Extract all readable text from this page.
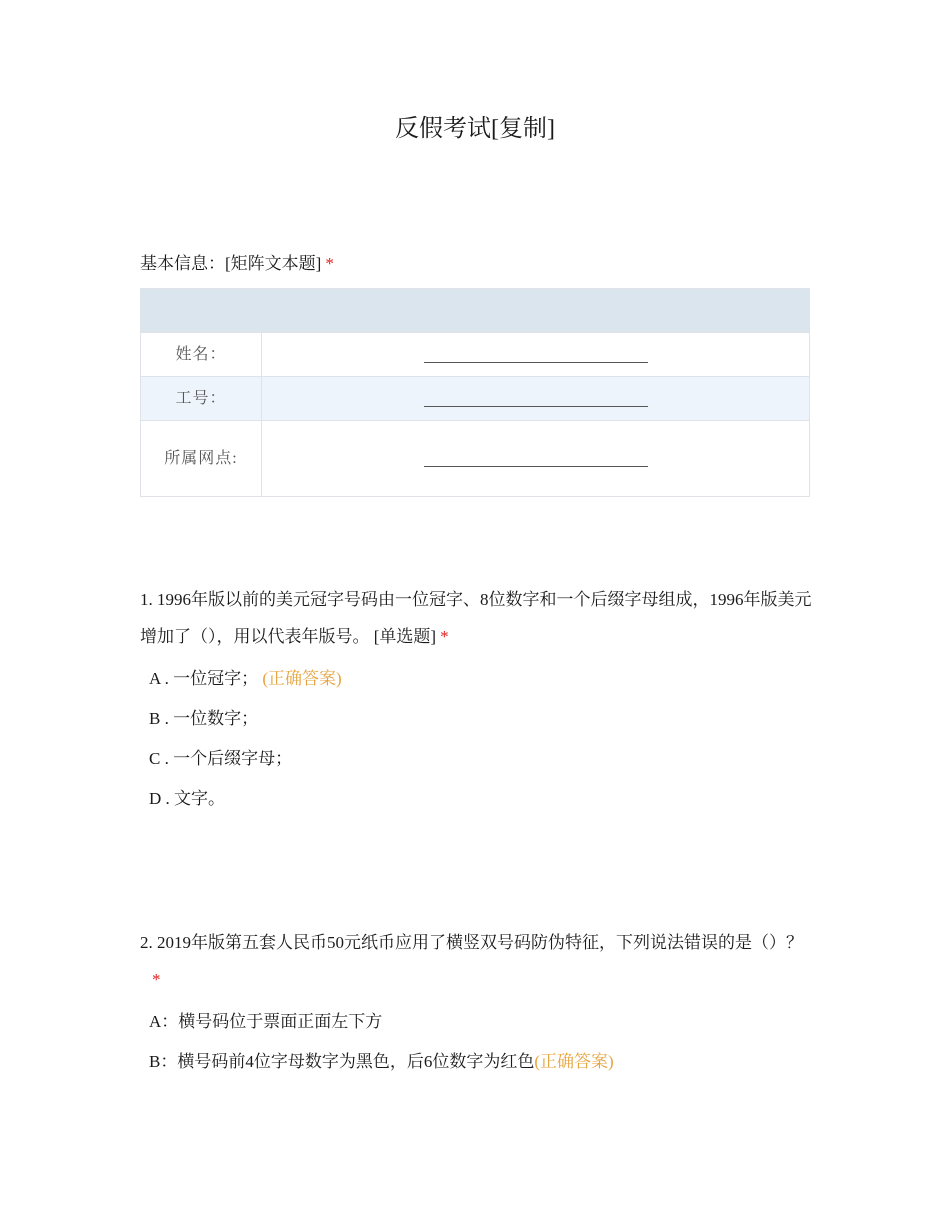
反假考试[复制]
基本信息：[矩阵文本题] *

姓名：	

工号：	

所属网点:	
1. 1996年版以前的美元冠字号码由一位冠字、8位数字和一个后缀字母组成，1996年版美元增加了（），用以代表年版号。 [单选题] *
A . 一位冠字； (正确答案)
B . 一位数字；
C . 一个后缀字母；
D . 文字。
2. 2019年版第五套人民币50元纸币应用了横竖双号码防伪特征，下列说法错误的是（）？*
A：横号码位于票面正面左下方
B：横号码前4位字母数字为黑色，后6位数字为红色(正确答案)
